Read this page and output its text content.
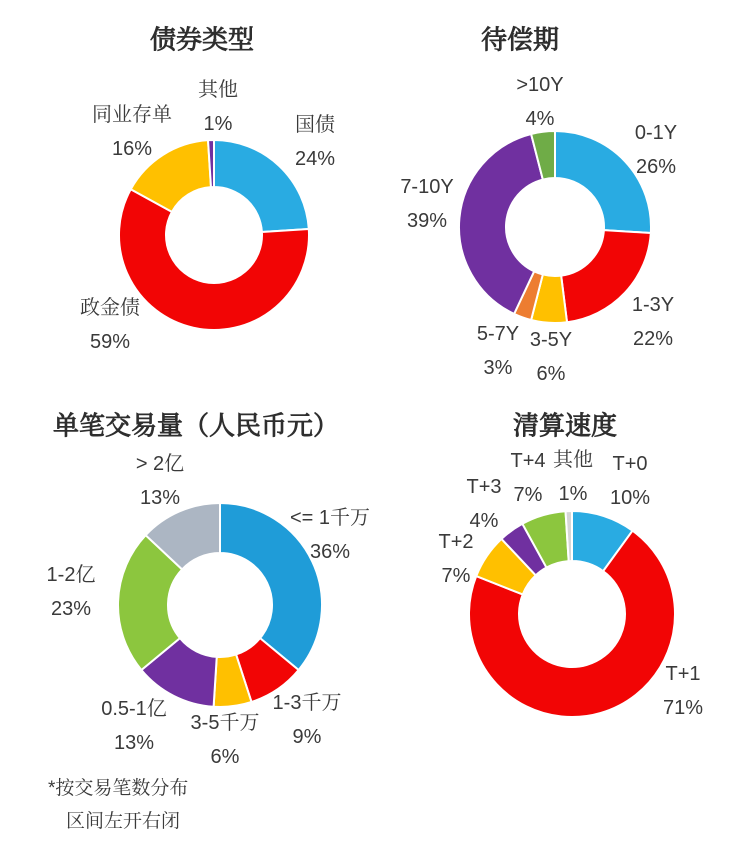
债券类型
国债
24%
政金债
59%
同业存单
16%
其他
1%
待偿期
0-1Y
26%
1-3Y
22%
3-5Y
6%
5-7Y
3%
7-10Y
39%
>10Y
4%
单笔交易量（人民币元）
<= 1千万
36%
1-3千万
9%
3-5千万
6%
0.5-1亿
13%
1-2亿
23%
> 2亿
13%
清算速度
T+0
10%
T+1
71%
T+2
7%
T+3
4%
T+4
7%
其他
1%
*按交易笔数分布
区间左开右闭
